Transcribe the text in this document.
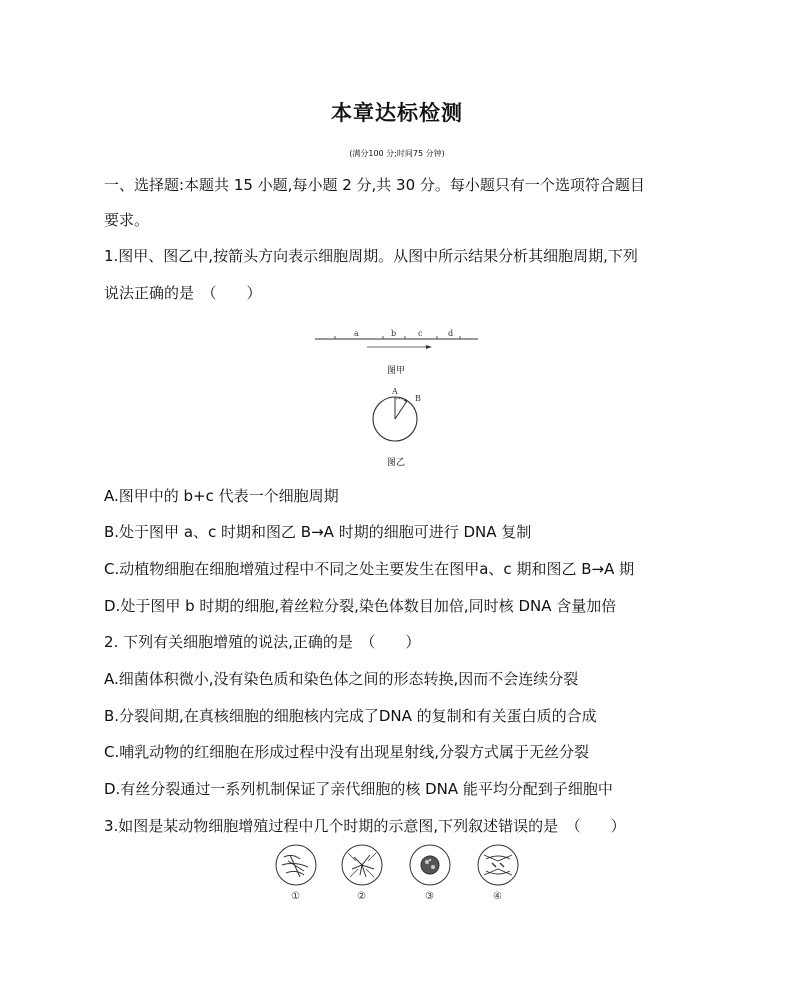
本章达标检测
(满分100 分;时间75 分钟)
一、选择题:本题共 15 小题,每小题 2 分,共 30 分。每小题只有一个选项符合题目
要求。
1.图甲、图乙中,按箭头方向表示细胞周期。从图中所示结果分析其细胞周期,下列
说法正确的是　（　　）
a	b	c	d
图甲
A
B
图乙
A.图甲中的 b+c 代表一个细胞周期
B.处于图甲 a、c 时期和图乙 B→A 时期的细胞可进行 DNA 复制
C.动植物细胞在细胞增殖过程中不同之处主要发生在图甲a、c 期和图乙 B→A 期
D.处于图甲 b 时期的细胞,着丝粒分裂,染色体数目加倍,同时核 DNA 含量加倍
2. 下列有关细胞增殖的说法,正确的是　（　　）
A.细菌体积微小,没有染色质和染色体之间的形态转换,因而不会连续分裂
B.分裂间期,在真核细胞的细胞核内完成了DNA 的复制和有关蛋白质的合成
C.哺乳动物的红细胞在形成过程中没有出现星射线,分裂方式属于无丝分裂
D.有丝分裂通过一系列机制保证了亲代细胞的核 DNA 能平均分配到子细胞中
3.如图是某动物细胞增殖过程中几个时期的示意图,下列叙述错误的是　（　　）
①	②	③	④
